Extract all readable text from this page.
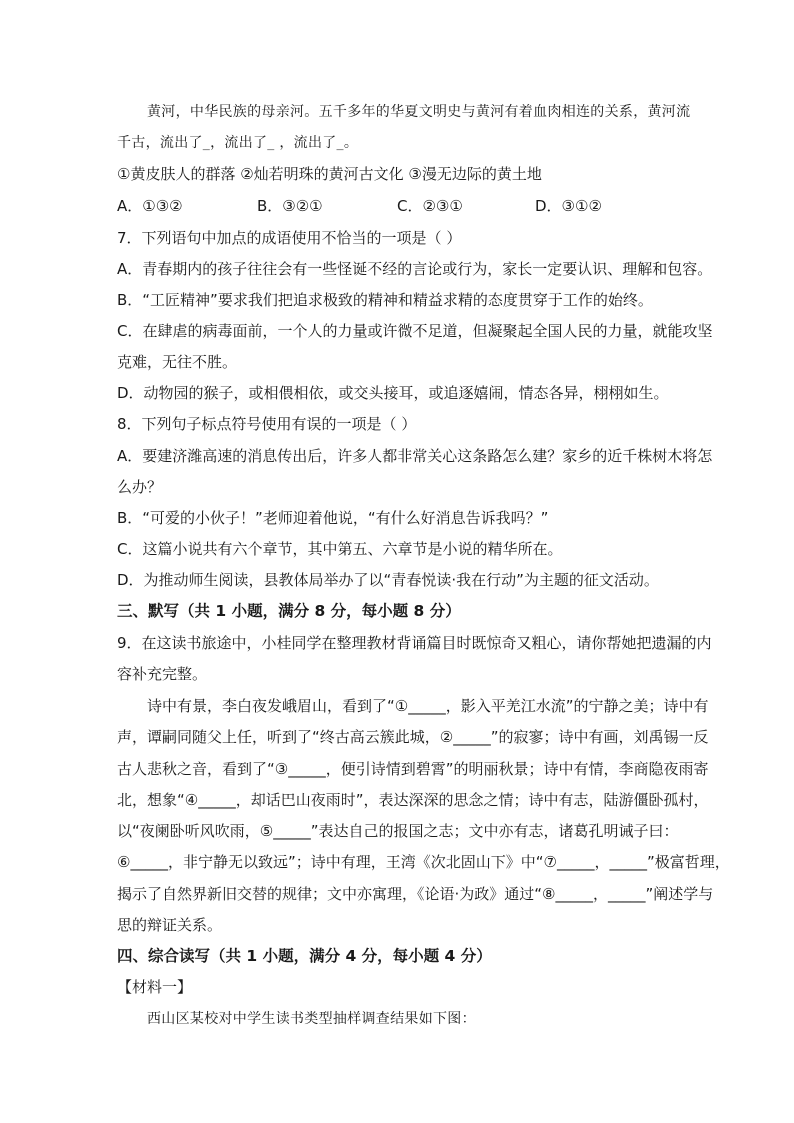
黄河，中华民族的母亲河。五千多年的华夏文明史与黄河有着血肉相连的关系，黄河流
千古，流出了_，流出了_ ，流出了_。
①黄皮肤人的群落 ②灿若明珠的黄河古文化 ③漫无边际的黄土地
A．①③②	B．③②①	C．②③①	D．③①②
7．下列语句中加点的成语使用不恰当的一项是（ ）
A．青春期内的孩子往往会有一些怪诞不经的言论或行为，家长一定要认识、理解和包容。
B．“工匠精神”要求我们把追求极致的精神和精益求精的态度贯穿于工作的始终。
C．在肆虐的病毒面前，一个人的力量或许微不足道，但凝聚起全国人民的力量，就能攻坚
克难，无往不胜。
D．动物园的猴子，或相偎相依，或交头接耳，或追逐嬉闹，情态各异，栩栩如生。
8．下列句子标点符号使用有误的一项是（ ）
A．要建济潍高速的消息传出后，许多人都非常关心这条路怎么建？家乡的近千株树木将怎
么办？
B．“可爱的小伙子！”老师迎着他说，“有什么好消息告诉我吗？”
C．这篇小说共有六个章节，其中第五、六章节是小说的精华所在。
D．为推动师生阅读，县教体局举办了以“青春悦读·我在行动”为主题的征文活动。
三、默写（共 1 小题，满分 8 分，每小题 8 分）
9．在这读书旅途中，小桂同学在整理教材背诵篇目时既惊奇又粗心，请你帮她把遗漏的内
容补充完整。
诗中有景，李白夜发峨眉山，看到了“①_____，影入平羌江水流”的宁静之美；诗中有
声，谭嗣同随父上任，听到了“终古高云簇此城，②_____”的寂寥；诗中有画，刘禹锡一反
古人悲秋之音，看到了“③_____，便引诗情到碧霄”的明丽秋景；诗中有情，李商隐夜雨寄
北，想象“④_____，却话巴山夜雨时”，表达深深的思念之情；诗中有志，陆游僵卧孤村，
以“夜阑卧听风吹雨，⑤_____”表达自己的报国之志；文中亦有志，诸葛孔明诫子曰：
⑥_____，非宁静无以致远”；诗中有理，王湾《次北固山下》中“⑦_____，_____”极富哲理，
揭示了自然界新旧交替的规律；文中亦寓理，《论语·为政》通过“⑧_____，_____”阐述学与
思的辩证关系。
四、综合读写（共 1 小题，满分 4 分，每小题 4 分）
【材料一】
西山区某校对中学生读书类型抽样调查结果如下图：
